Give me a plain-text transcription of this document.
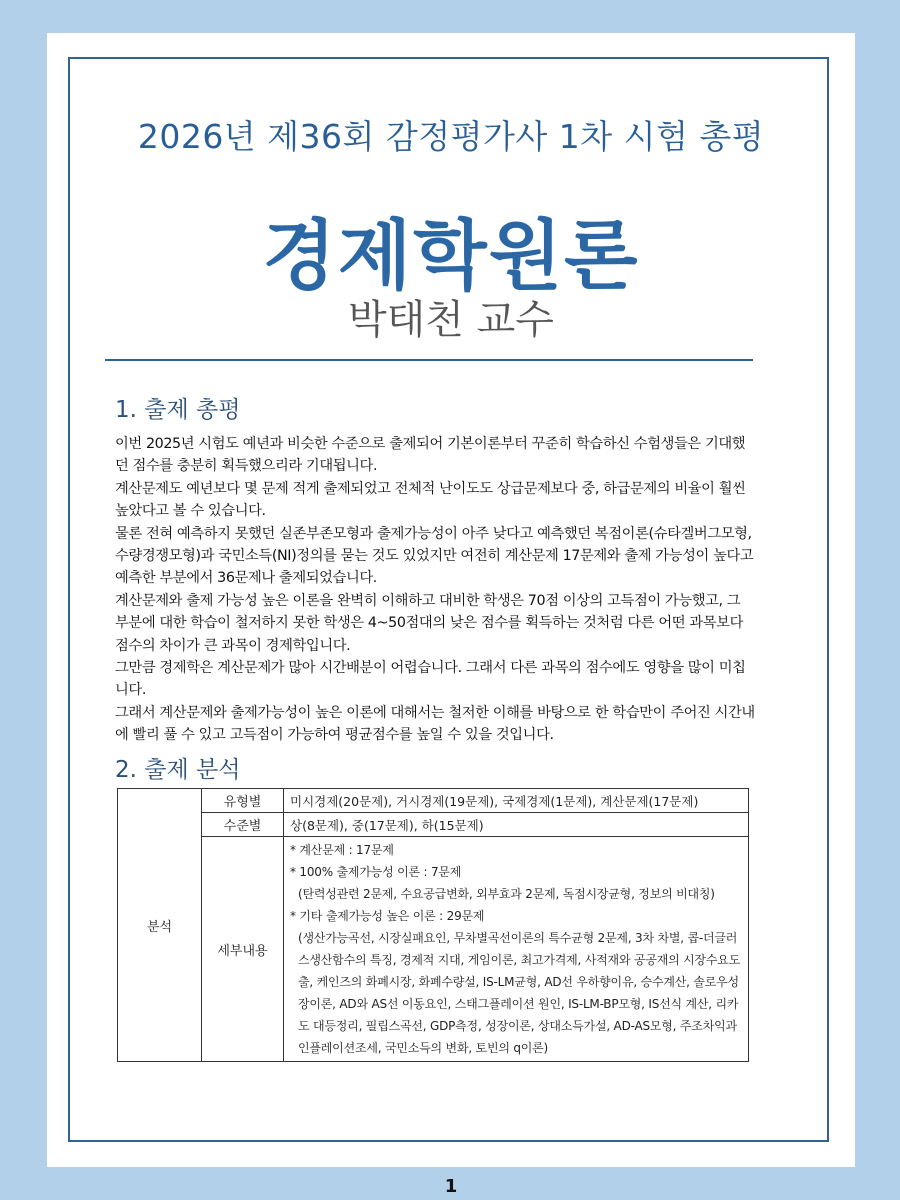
2026년 제36회 감정평가사 1차 시험 총평
경제학원론
박태천 교수
1. 출제 총평

이번 2025년 시험도 예년과 비슷한 수준으로 출제되어 기본이론부터 꾸준히 학습하신 수험생들은 기대했던 점수를 충분히 획득했으리라 기대됩니다.

계산문제도 예년보다 몇 문제 적게 출제되었고 전체적 난이도도 상급문제보다 중, 하급문제의 비율이 훨씬 높았다고 볼 수 있습니다.

물론 전혀 예측하지 못했던 실존부존모형과 출제가능성이 아주 낮다고 예측했던 복점이론(슈타겔버그모형, 수량경쟁모형)과 국민소득(NI)정의를 묻는 것도 있었지만 여전히 계산문제 17문제와 출제 가능성이 높다고 예측한 부분에서 36문제나 출제되었습니다.

계산문제와 출제 가능성 높은 이론을 완벽히 이해하고 대비한 학생은 70점 이상의 고득점이 가능했고, 그 부분에 대한 학습이 철저하지 못한 학생은 4~50점대의 낮은 점수를 획득하는 것처럼 다른 어떤 과목보다 점수의 차이가 큰 과목이 경제학입니다.

그만큼 경제학은 계산문제가 많아 시간배분이 어렵습니다. 그래서 다른 과목의 점수에도 영향을 많이 미칩니다.

그래서 계산문제와 출제가능성이 높은 이론에 대해서는 철저한 이해를 바탕으로 한 학습만이 주어진 시간내에 빨리 풀 수 있고 고득점이 가능하여 평균점수를 높일 수 있을 것입니다.

2. 출제 분석
분석	유형별	미시경제(20문제), 거시경제(19문제), 국제경제(1문제), 계산문제(17문제)
	수준별	상(8문제), 중(17문제), 하(15문제)
	세부내용	* 계산문제 : 17문제
* 100% 출제가능성 이론 : 7문제
(탄력성관련 2문제, 수요공급변화, 외부효과 2문제, 독점시장균형, 정보의 비대칭)
* 기타 출제가능성 높은 이론 : 29문제
(생산가능곡선, 시장실패요인, 무차별곡선이론의 특수균형 2문제, 3차 차별, 콥-더글러스생산함수의 특징, 경제적 지대, 게임이론, 최고가격제, 사적재와 공공재의 시장수요도출, 케인즈의 화폐시장, 화폐수량설, IS-LM균형, AD선 우하향이유, 승수계산, 솔로우성장이론, AD와 AS선 이동요인, 스태그플레이션 원인, IS-LM-BP모형, IS선식 계산, 리카도 대등정리, 필립스곡선, GDP측정, 성장이론, 상대소득가설, AD-AS모형, 주조차익과 인플레이션조세, 국민소득의 변화, 토빈의 q이론)
1
